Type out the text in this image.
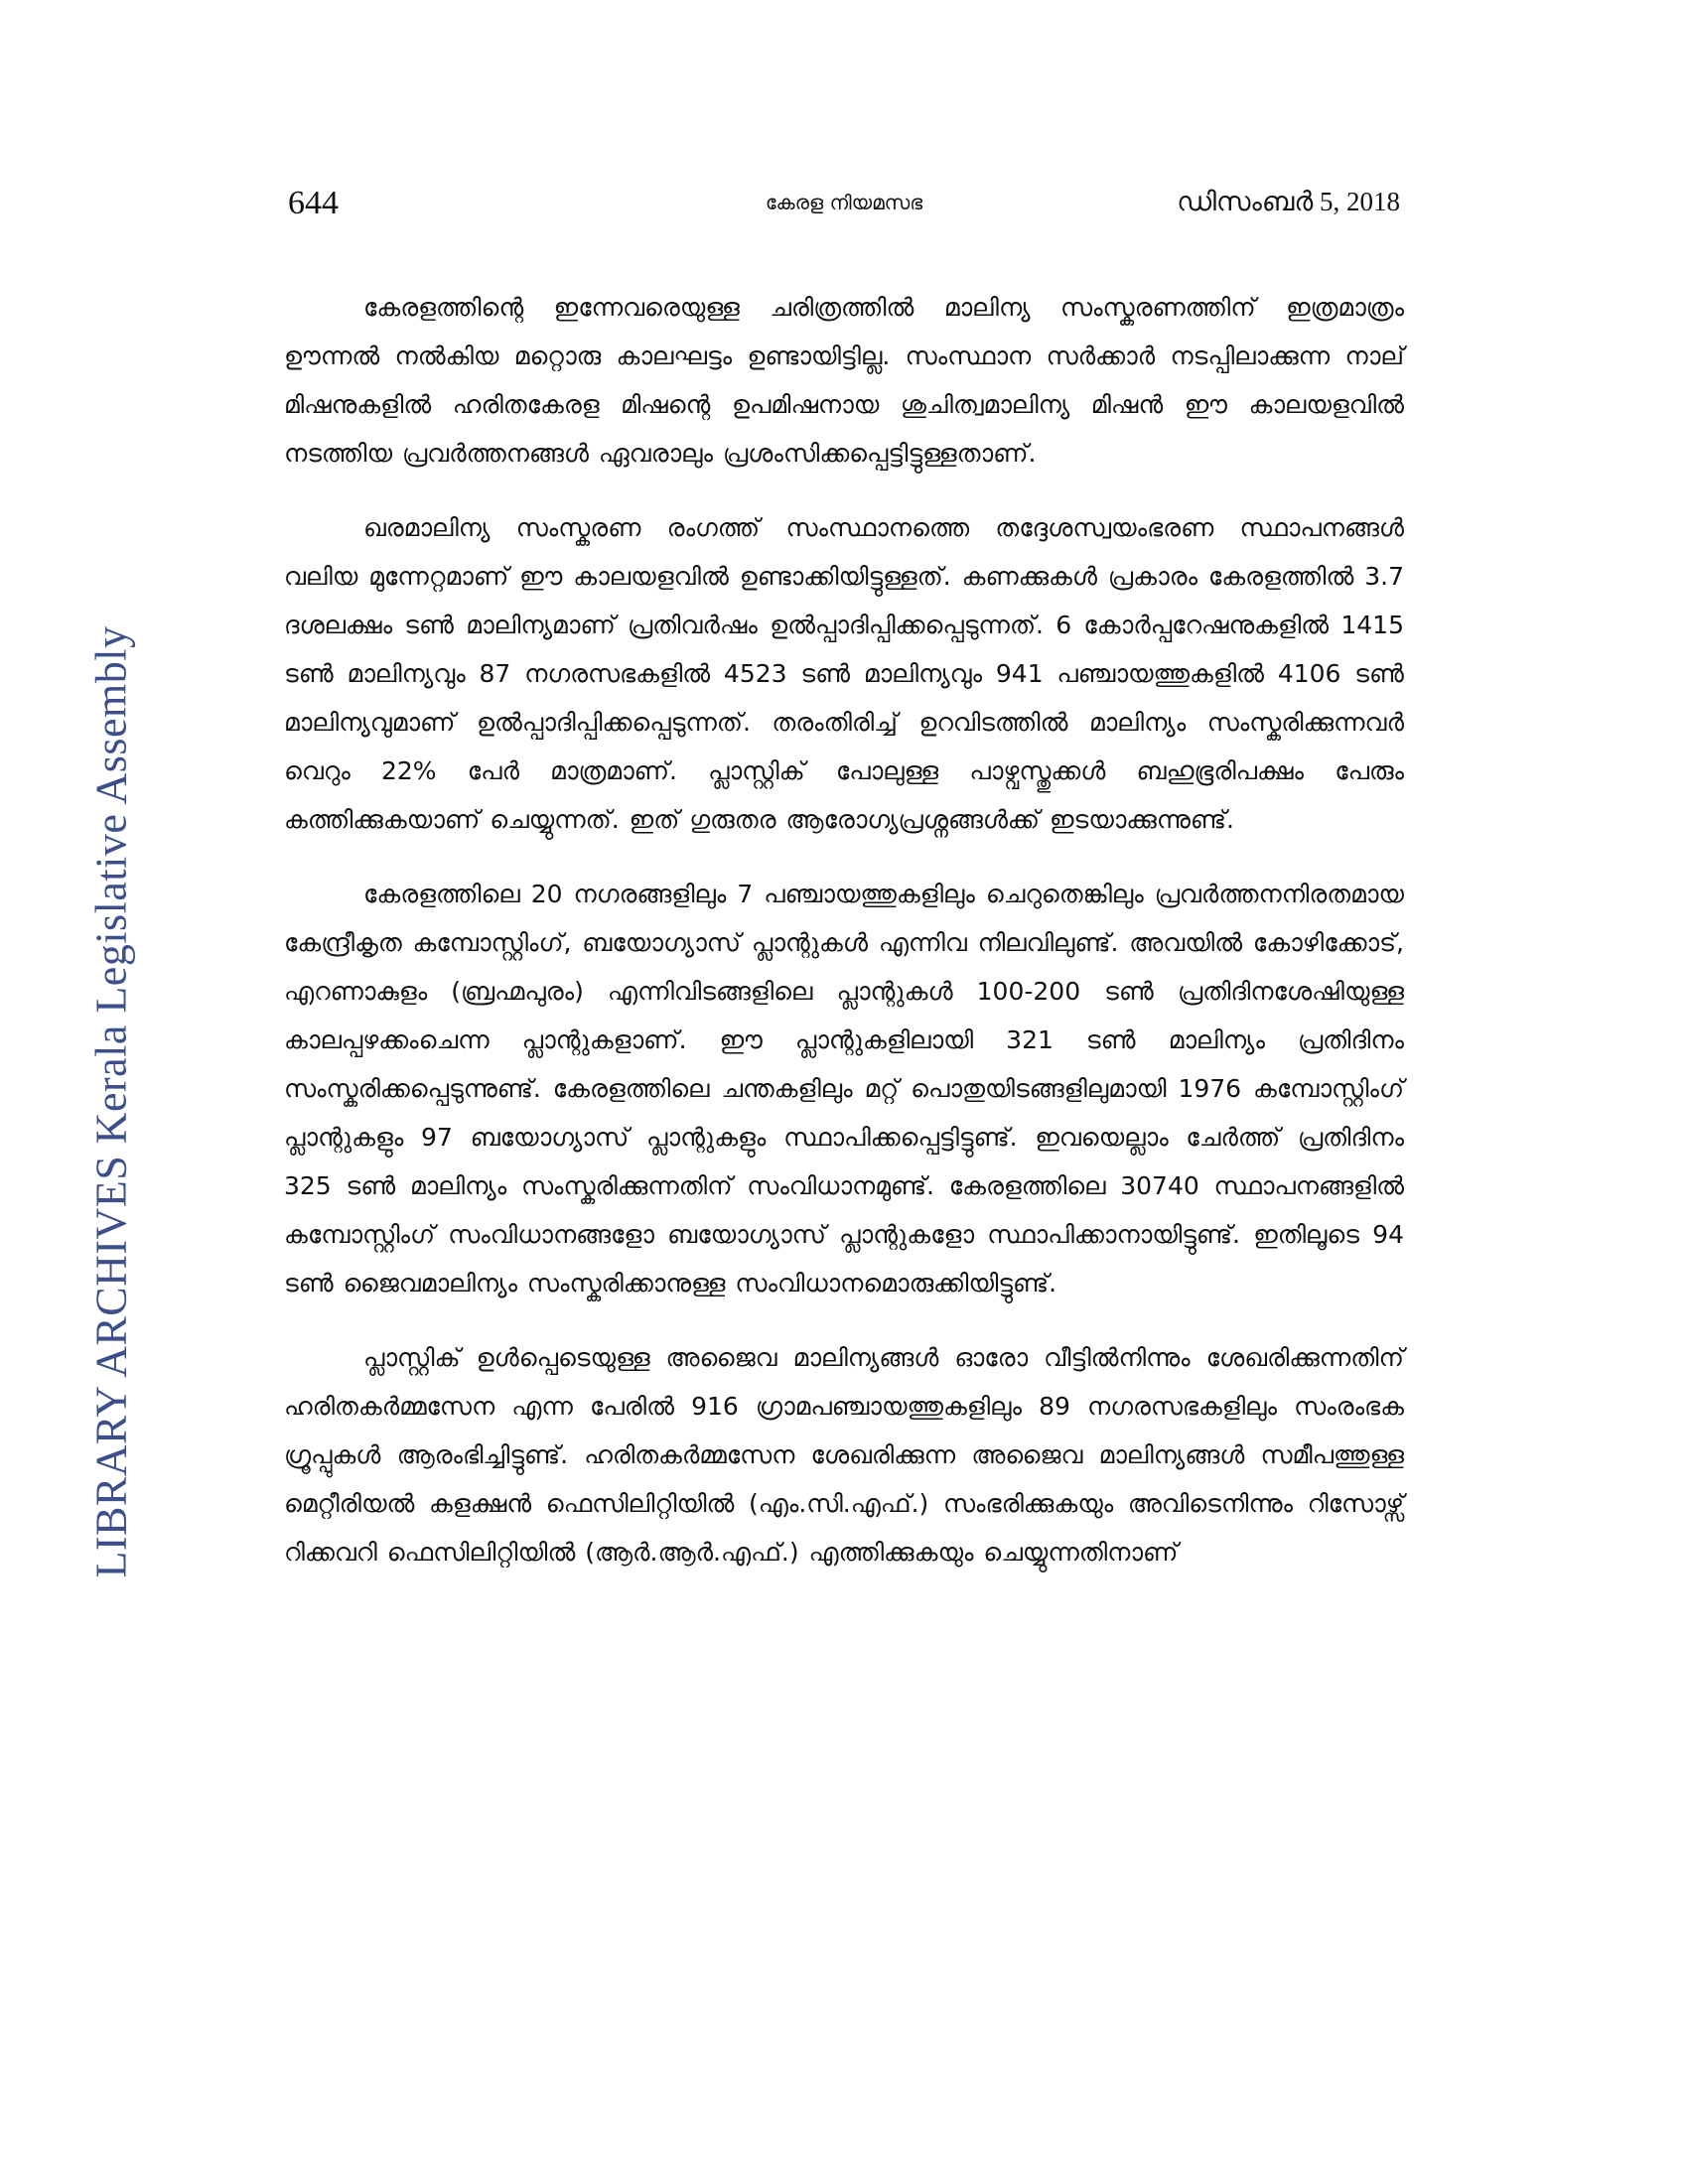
LIBRARY ARCHIVES Kerala Legislative Assembly
644	കേരള നിയമസഭ	ഡിസംബർ 5, 2018

കേരളത്തിന്റെ ഇന്നേവരെയുള്ള ചരിത്രത്തിൽ മാലിന്യ സംസ്കരണത്തിന് ഇത്രമാത്രം ഊന്നൽ നൽകിയ മറ്റൊരു കാലഘട്ടം ഉണ്ടായിട്ടില്ല. സംസ്ഥാന സർക്കാർ നടപ്പിലാക്കുന്ന നാല് മിഷനുകളിൽ ഹരിതകേരള മിഷന്റെ ഉപമിഷനായ ശുചിത്വമാലിന്യ മിഷൻ ഈ കാലയളവിൽ നടത്തിയ പ്രവർത്തനങ്ങൾ ഏവരാലും പ്രശംസിക്കപ്പെട്ടിട്ടുള്ളതാണ്.

ഖരമാലിന്യ സംസ്കരണ രംഗത്ത് സംസ്ഥാനത്തെ തദ്ദേശസ്വയംഭരണ സ്ഥാപനങ്ങൾ വലിയ മുന്നേറ്റമാണ് ഈ കാലയളവിൽ ഉണ്ടാക്കിയിട്ടുള്ളത്. കണക്കുകൾ പ്രകാരം കേരളത്തിൽ 3.7 ദശലക്ഷം ടൺ മാലിന്യമാണ് പ്രതിവർഷം ഉൽപ്പാദിപ്പിക്കപ്പെടുന്നത്. 6 കോർപ്പറേഷനുകളിൽ 1415 ടൺ മാലിന്യവും 87 നഗരസഭകളിൽ 4523 ടൺ മാലിന്യവും 941 പഞ്ചായത്തുകളിൽ 4106 ടൺ മാലിന്യവുമാണ് ഉൽപ്പാദിപ്പിക്കപ്പെടുന്നത്. തരംതിരിച്ച് ഉറവിടത്തിൽ മാലിന്യം സംസ്കരിക്കുന്നവർ വെറും 22% പേർ മാത്രമാണ്. പ്ലാസ്റ്റിക് പോലുള്ള പാഴ്വസ്തുക്കൾ ബഹുഭൂരിപക്ഷം പേരും കത്തിക്കുകയാണ് ചെയ്യുന്നത്. ഇത് ഗുരുതര ആരോഗ്യപ്രശ്നങ്ങൾക്ക് ഇടയാക്കുന്നുണ്ട്.

കേരളത്തിലെ 20 നഗരങ്ങളിലും 7 പഞ്ചായത്തുകളിലും ചെറുതെങ്കിലും പ്രവർത്തനനിരതമായ കേന്ദ്രീകൃത കമ്പോസ്റ്റിംഗ്, ബയോഗ്യാസ് പ്ലാന്റുകൾ എന്നിവ നിലവിലുണ്ട്. അവയിൽ കോഴിക്കോട്, എറണാകുളം (ബ്രഹ്മപുരം) എന്നിവിടങ്ങളിലെ പ്ലാന്റുകൾ 100-200 ടൺ പ്രതിദിനശേഷിയുള്ള കാലപ്പഴക്കംചെന്ന പ്ലാന്റുകളാണ്. ഈ പ്ലാന്റുകളിലായി 321 ടൺ മാലിന്യം പ്രതിദിനം സംസ്കരിക്കപ്പെടുന്നുണ്ട്. കേരളത്തിലെ ചന്തകളിലും മറ്റ് പൊതുയിടങ്ങളിലുമായി 1976 കമ്പോസ്റ്റിംഗ് പ്ലാന്റുകളും 97 ബയോഗ്യാസ് പ്ലാന്റുകളും സ്ഥാപിക്കപ്പെട്ടിട്ടുണ്ട്. ഇവയെല്ലാം ചേർത്ത് പ്രതിദിനം 325 ടൺ മാലിന്യം സംസ്കരിക്കുന്നതിന് സംവിധാനമുണ്ട്. കേരളത്തിലെ 30740 സ്ഥാപനങ്ങളിൽ കമ്പോസ്റ്റിംഗ് സംവിധാനങ്ങളോ ബയോഗ്യാസ് പ്ലാന്റുകളോ സ്ഥാപിക്കാനായിട്ടുണ്ട്. ഇതിലൂടെ 94 ടൺ ജൈവമാലിന്യം സംസ്കരിക്കാനുള്ള സംവിധാനമൊരുക്കിയിട്ടുണ്ട്.

പ്ലാസ്റ്റിക് ഉൾപ്പെടെയുള്ള അജൈവ മാലിന്യങ്ങൾ ഓരോ വീട്ടിൽനിന്നും ശേഖരിക്കുന്നതിന് ഹരിതകർമ്മസേന എന്ന പേരിൽ 916 ഗ്രാമപഞ്ചായത്തുകളിലും 89 നഗരസഭകളിലും സംരംഭക ഗ്രൂപ്പുകൾ ആരംഭിച്ചിട്ടുണ്ട്. ഹരിതകർമ്മസേന ശേഖരിക്കുന്ന അജൈവ മാലിന്യങ്ങൾ സമീപത്തുള്ള മെറ്റീരിയൽ കളക്ഷൻ ഫെസിലിറ്റിയിൽ (എം.സി.എഫ്.) സംഭരിക്കുകയും അവിടെനിന്നും റിസോഴ്സ് റിക്കവറി ഫെസിലിറ്റിയിൽ (ആർ.ആർ.എഫ്.) എത്തിക്കുകയും ചെയ്യുന്നതിനാണ്
